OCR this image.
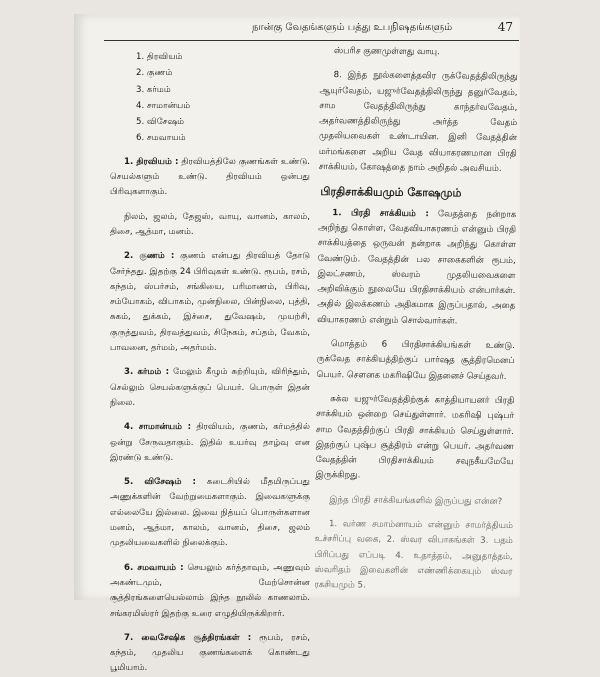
நான்கு வேதங்களும் பத்து உபநிஷதங்களும்	47
1. திரவியம்
2. குணம்
3. கர்மம்
4. சாமான்யம்
5. விசேஷம்
6. சமவாயம்

1. திரவியம் : திரவியத்திலே குணங்கள் உண்டு. செயல்களும் உண்டு. திரவியம் ஒன்பது பிரிவுகளாகும்.

நிலம், ஜலம், தேஜஸ், வாயு, வானம், காலம், திசை, ஆத்மா, மனம்.

2. குணம் : குணம் என்பது திரவியத் தோடு சேர்ந்தது. இதற்கு 24 பிரிவுகள் உண்டு. ரூபம், ரசம், கந்தம், ஸ்பர்சம், சங்கியை, பரிமாணம், பிரிவு, சம்யோகம், விபாகம், முன்நிலை, பின்நிலை, புத்தி, சுகம், துக்கம், இச்சை, துவேஷம், முயற்சி, குருத்துவம், திரவத்துவம், சிநேகம், சப்தம், வேகம், பாவனை, தர்மம், அதர்மம்.

3. கர்மம் : மேலும் கீழும் சுற்றியும், விரிந்தும், செல்லும் செயல்களுக்குப் பெயர். பொருள் இதன் நிலை.

4. சாமான்யம் : திரவியம், குணம், கர்மத்தில் ஒன்று சேருவதாகும். இதில் உயர்வு தாழ்வு என இரண்டு உண்டு.

5. விசேஷம் : கடைசியில் மீதமிருப்பது அணுக்களின் வேற்றுமைகளாகும். இவைகளுக்கு எல்லையே இல்லை. இவை நித்யப் பொருள்களான மனம், ஆத்மா, காலம், வானம், திசை, ஜலம் முதலியவைகளில் நிலைக்கும்.

6. சமவாயம் : செயலும் கர்த்தாவும், அணுவும் அகண்டமும், மேற்சொன்ன சூத்திரங்களையெல்லாம் இந்த நூலில் காணலாம். சங்கரமிஸ்ரர் இதற்கு உரை எழுதியிருக்கிறார்.

7. வைசேஷிக சூத்திரங்கள் : ரூபம், ரசம், கந்தம், முதலிய குணங்களைக் கொண்டது பூமியாம்.

ஸ்பரிச குணமுள்ளது வாயு.

8. இந்த நூல்களைத்தவிர ருக்வேதத்திலிருந்து ஆயுர்வேதம், யஜுர்வேதத்திலிருந்து தனுர்வேதம், சாம வேதத்திலிருந்து காந்தர்வவேதம், அதர்வணத்திலிருந்து அர்த்த வேதம் முதலியவைகள் உண்டாயின. இனி வேதத்தின் மர்மங்களை அறிய வேத வியாகரணமான பிரதி சாக்கியம், கோஷத்தை நாம் அறிதல் அவசியம்.

பிரதிசாக்கியமும் கோஷமும்

1. பிரதி சாக்கியம் : வேதத்தை நன்றாக அறிந்து கொள்ள, வேதவியாகரணம் என்னும் பிரதி சாக்கியத்தை ஒருவன் நன்றாக அறிந்து கொள்ள வேண்டும். வேதத்தின் பல சாகைகளின் ரூபம், இலட்சணம், ஸ்வரம் முதலியவைகளை அறிவிக்கும் நூலையே பிரதிசாக்கியம் என்பார்கள். அதில் இலக்கணம் அதிகமாக இருப்பதால், அதை வியாகரணம் என்றும் சொல்வார்கள்.

மொத்தம் 6 பிரதிசாக்கியங்கள் உண்டு. ருக்வேத சாக்கியத்திற்குப் பார்ஷத சூத்திரமெனப் பெயர். சௌனக மகரிஷியே இதனைச் செய்தவர்.

சுக்ல யஜுர்வேதத்திற்குக் காத்தியாயனர் பிரதி சாக்கியம் ஒன்றை செய்துள்ளார். மகரிஷி புஷ்பர் சாம வேதத்திற்குப் பிரதி சாக்கியம் செய்துள்ளார். இதற்குப் புஷ்ப சூத்திரம் என்று பெயர். அதர்வண வேதத்தின் பிரதிசாக்கியம் சவுநகீயமேயே இருக்கிறது.

இந்த பிரதி சாக்கியங்களில் இருப்பது என்ன?

1. வர்ண சமாம்னாயம் என்னும் சாமர்த்தியம் உச்சரிப்பு வகை, 2. ஸ்வர விபாகங்கள் 3. பதம் பிரிப்பது எப்படி 4. உதாத்தம், அனுதாத்தம், ஸ்வரிதம் இவைகளின் எண்ணிக்கையும் ஸ்வர ரகசியமும் 5.
